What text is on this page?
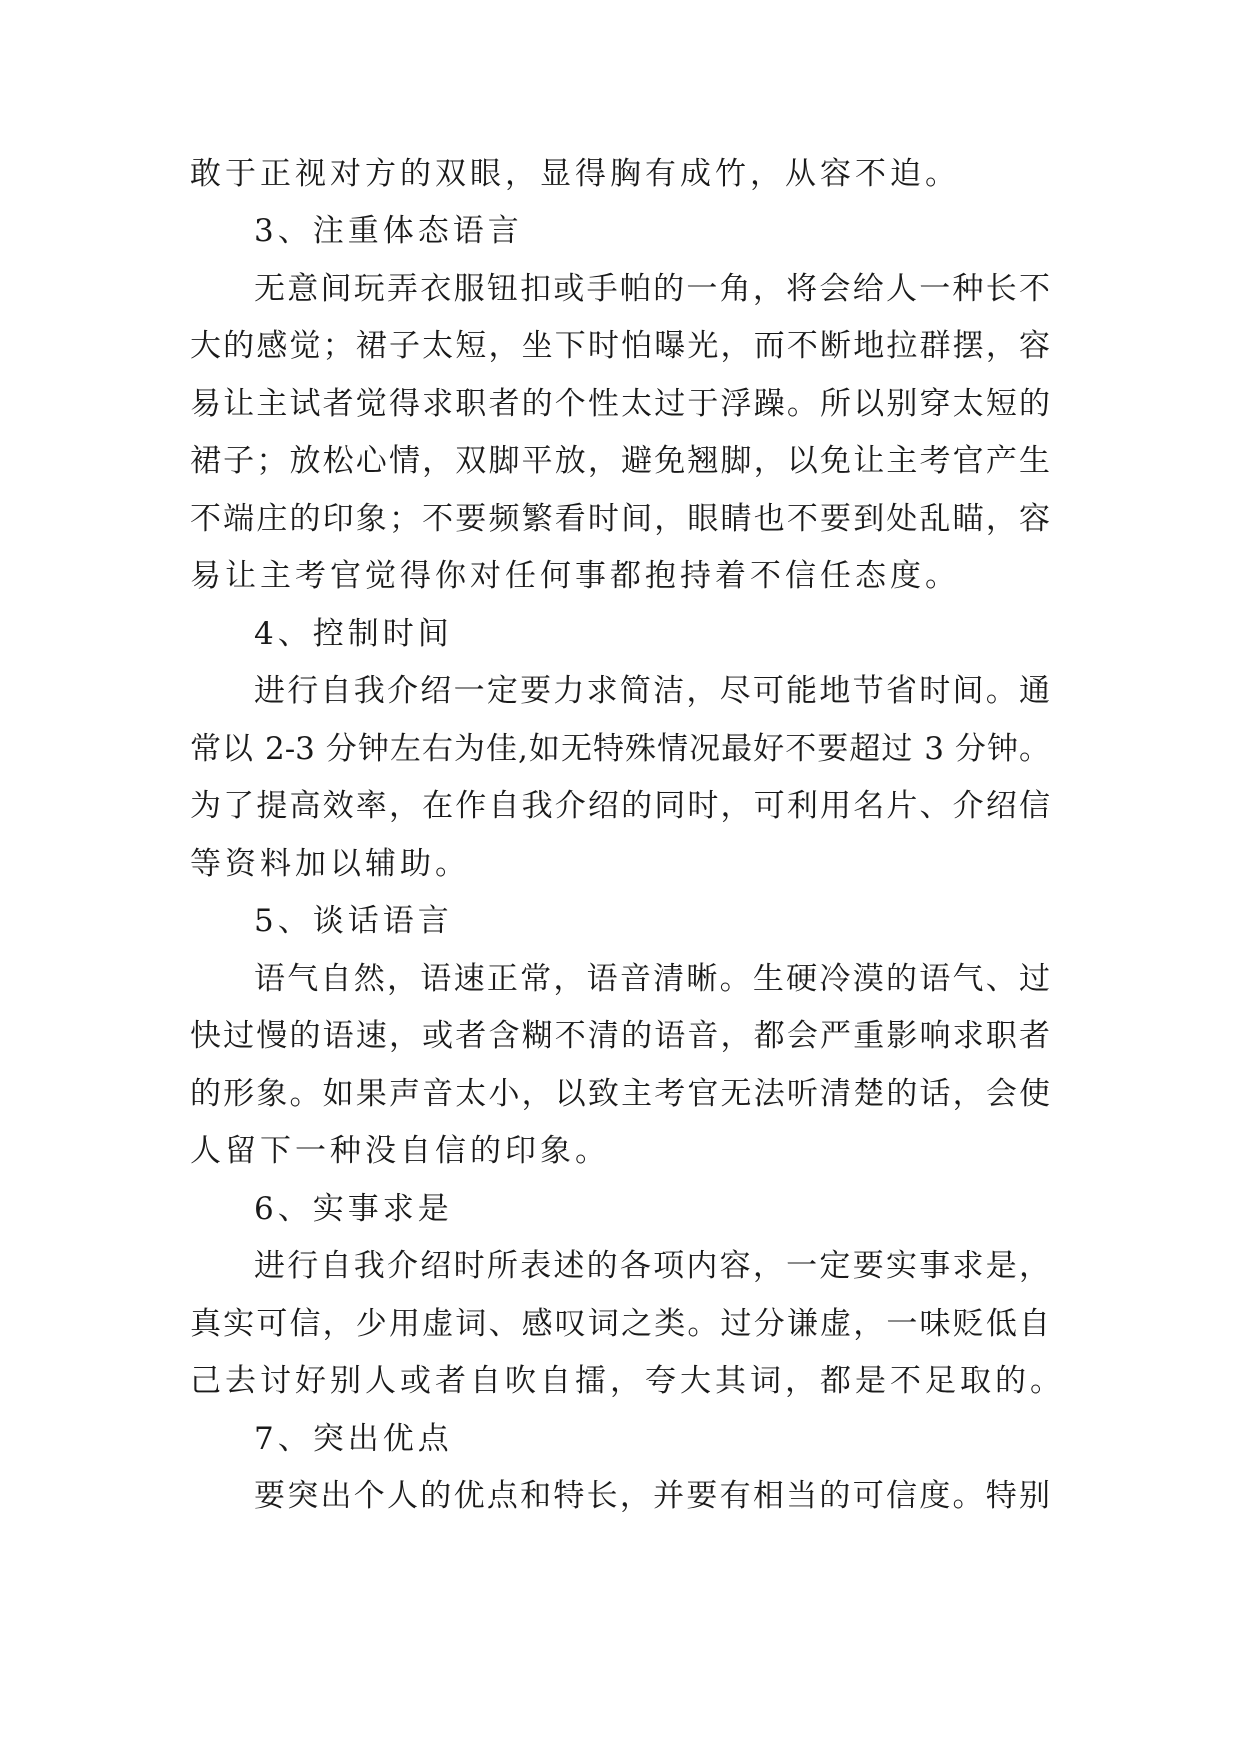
敢于正视对方的双眼，显得胸有成竹，从容不迫。
3、注重体态语言
无意间玩弄衣服钮扣或手帕的一角，将会给人一种长不
大的感觉；裙子太短，坐下时怕曝光，而不断地拉群摆，容
易让主试者觉得求职者的个性太过于浮躁。所以别穿太短的
裙子；放松心情，双脚平放，避免翘脚，以免让主考官产生
不端庄的印象；不要频繁看时间，眼睛也不要到处乱瞄，容
易让主考官觉得你对任何事都抱持着不信任态度。
4、控制时间
进行自我介绍一定要力求简洁，尽可能地节省时间。通
常以 2-3 分钟左右为佳,如无特殊情况最好不要超过 3 分钟。
为了提高效率，在作自我介绍的同时，可利用名片、介绍信
等资料加以辅助。
5、谈话语言
语气自然，语速正常，语音清晰。生硬冷漠的语气、过
快过慢的语速，或者含糊不清的语音，都会严重影响求职者
的形象。如果声音太小，以致主考官无法听清楚的话，会使
人留下一种没自信的印象。
6、实事求是
进行自我介绍时所表述的各项内容，一定要实事求是，
真实可信，少用虚词、感叹词之类。过分谦虚，一味贬低自
己去讨好别人或者自吹自擂，夸大其词，都是不足取的。
7、突出优点
要突出个人的优点和特长，并要有相当的可信度。特别
